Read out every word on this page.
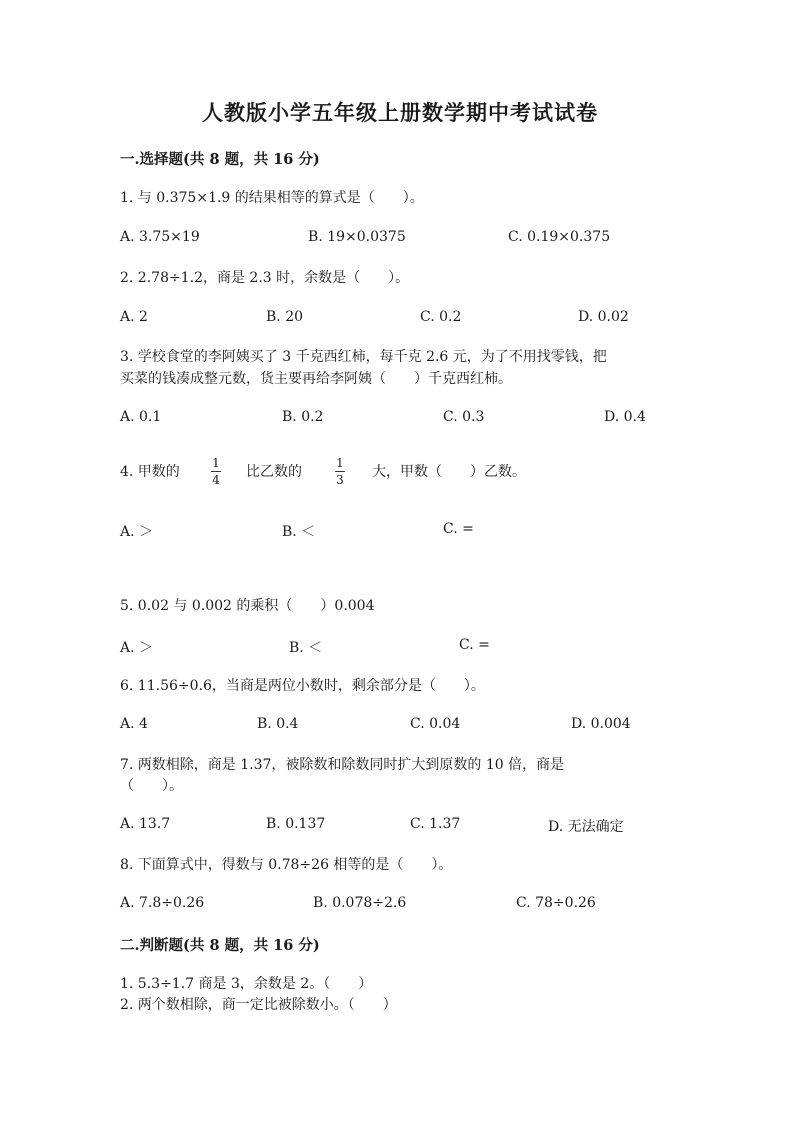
人教版小学五年级上册数学期中考试试卷
一.选择题(共 8 题，共 16 分)
1. 与 0.375×1.9 的结果相等的算式是（　　）。
A. 3.75×19	B. 19×0.0375	C. 0.19×0.375
2. 2.78÷1.2，商是 2.3 时，余数是（　　）。
A. 2	B. 20	C. 0.2	D. 0.02
3. 学校食堂的李阿姨买了 3 千克西红柿，每千克 2.6 元，为了不用找零钱，把
买菜的钱凑成整元数，货主要再给李阿姨（　　）千克西红柿。
A. 0.1	B. 0.2	C. 0.3	D. 0.4
4. 甲数的
1
4 比乙数的
1
3 大，甲数（　　）乙数。
A. ＞	B. ＜	C. =
5. 0.02 与 0.002 的乘积（　　）0.004
A. ＞	B. ＜	C. =
6. 11.56÷0.6，当商是两位小数时，剩余部分是（　　）。
A. 4	B. 0.4	C. 0.04	D. 0.004
7. 两数相除，商是 1.37，被除数和除数同时扩大到原数的 10 倍，商是
（　　）。
A. 13.7	B. 0.137	C. 1.37	D. 无法确定
8. 下面算式中，得数与 0.78÷26 相等的是（　　）。
A. 7.8÷0.26	B. 0.078÷2.6	C. 78÷0.26
二.判断题(共 8 题，共 16 分)
1. 5.3÷1.7 商是 3，余数是 2。（　　）
2. 两个数相除，商一定比被除数小。（　　）
